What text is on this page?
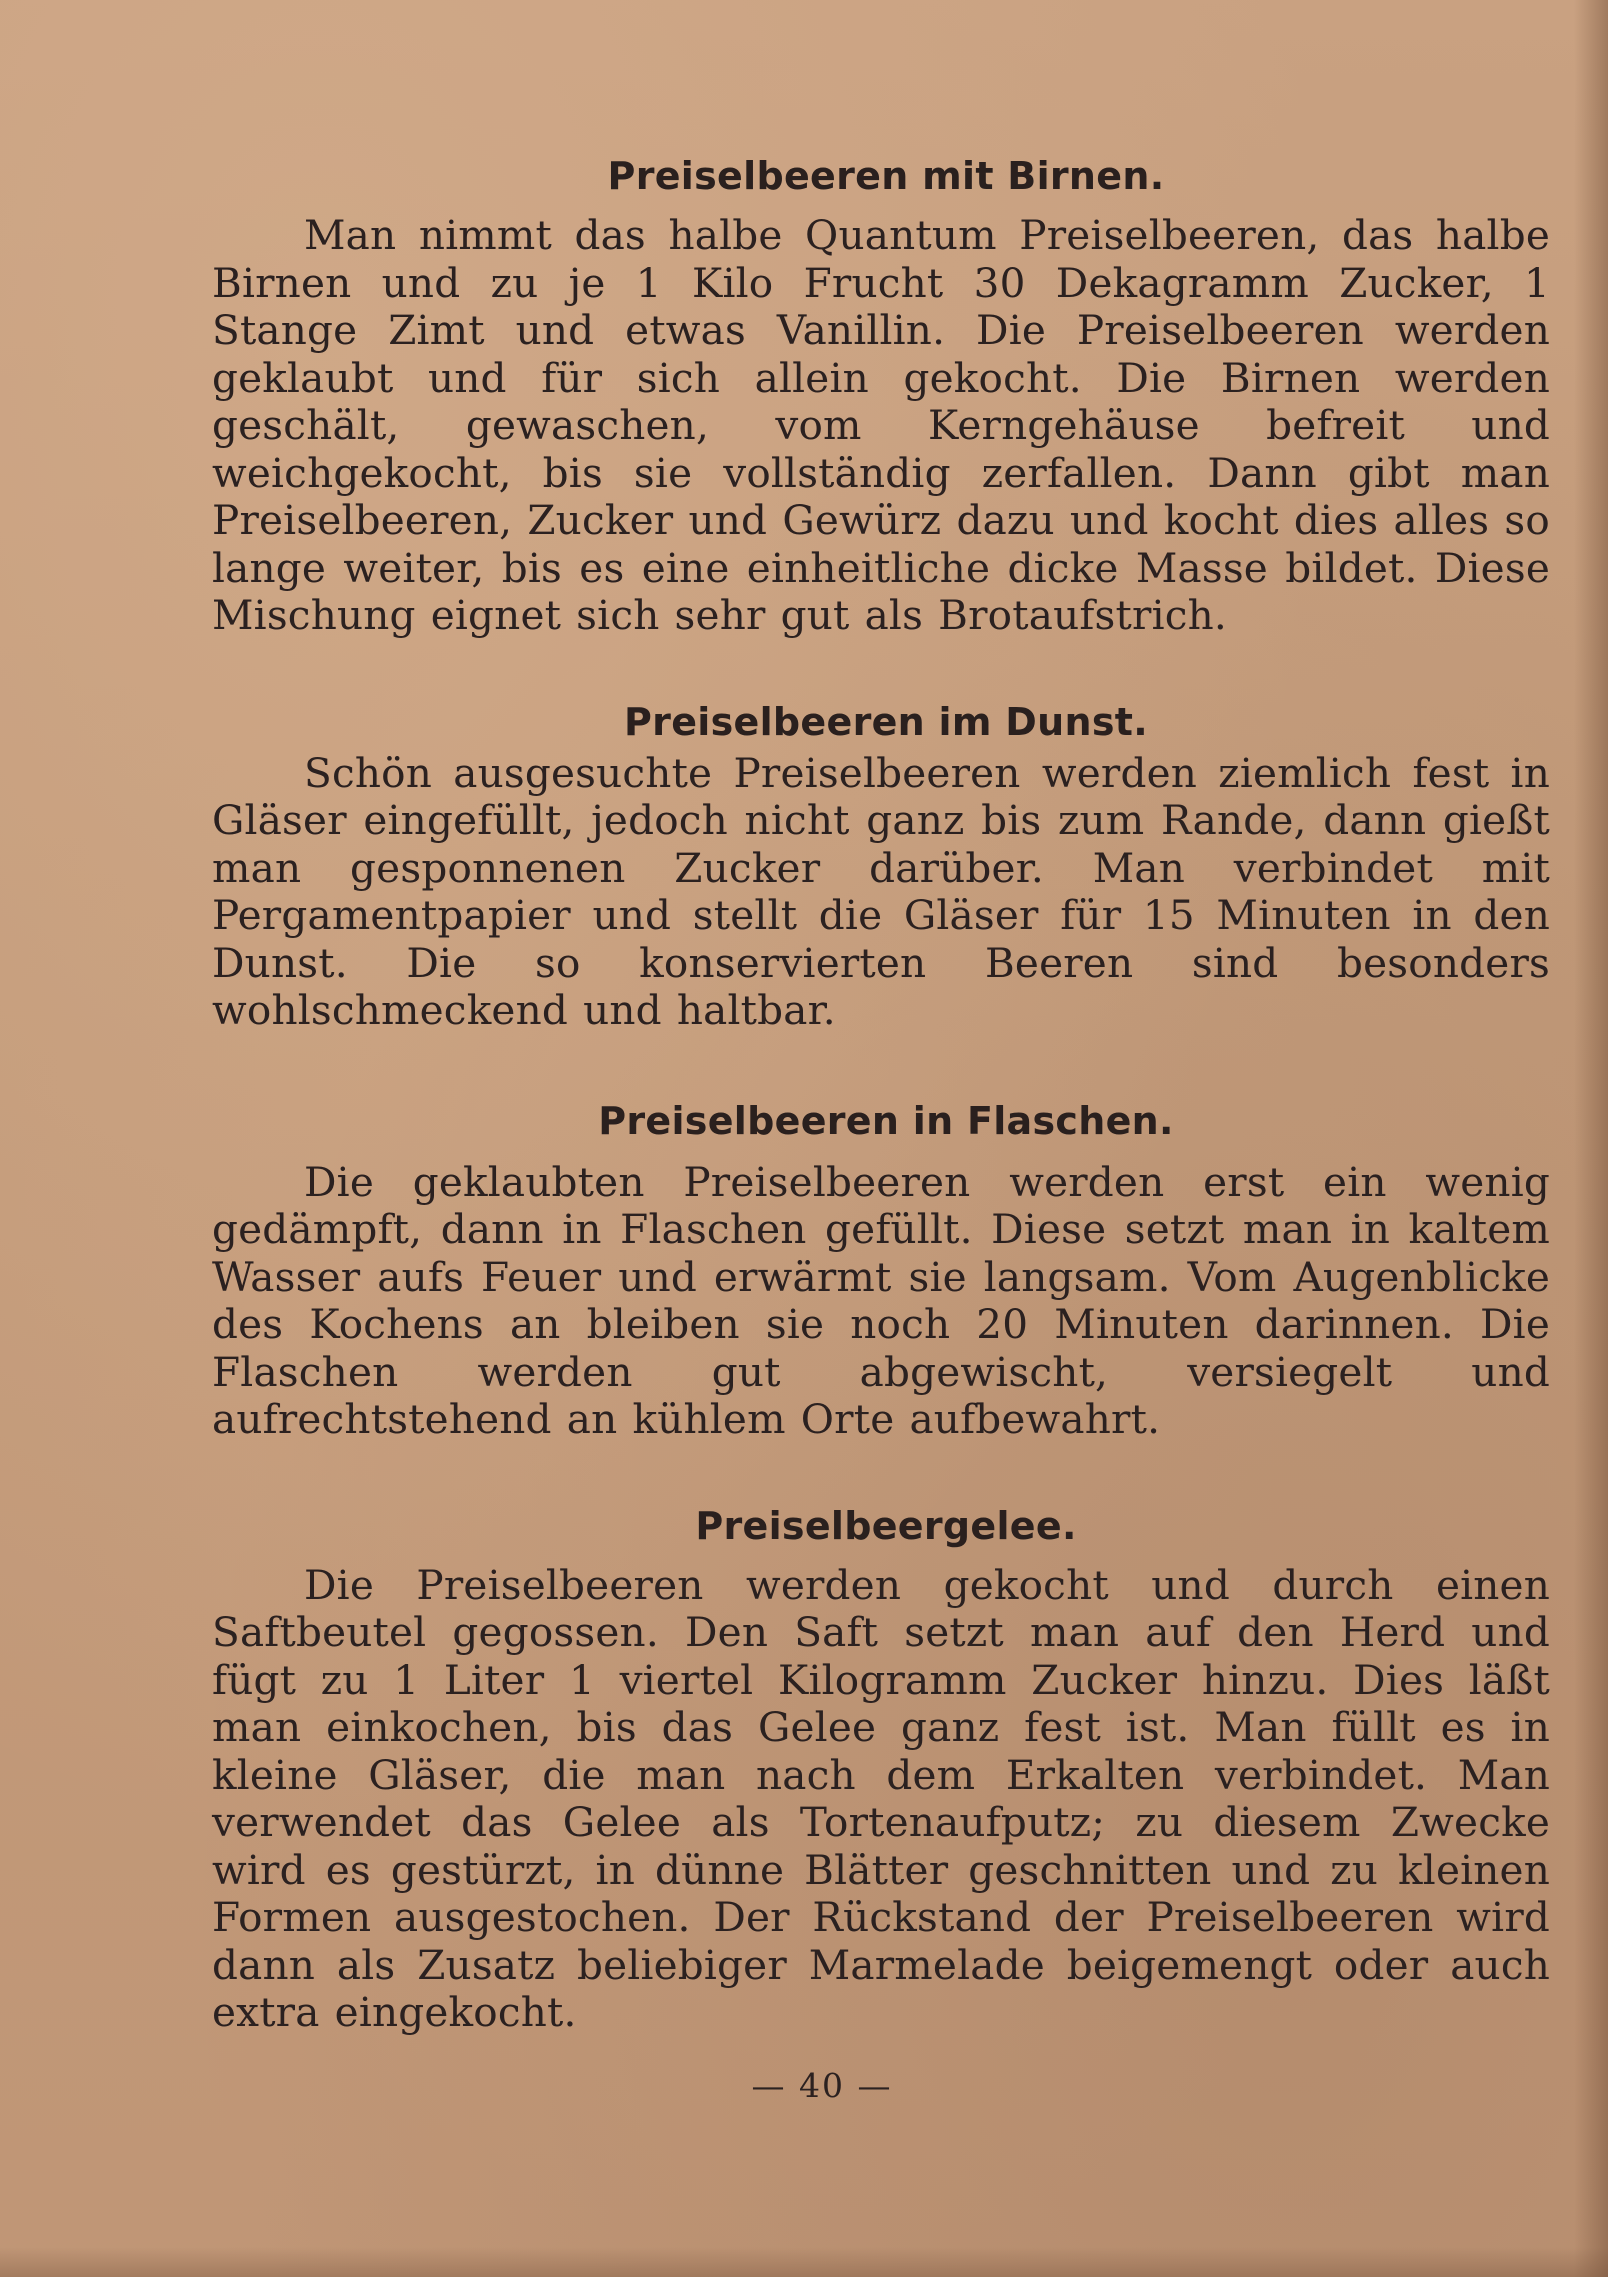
Preiselbeeren mit Birnen.

Man nimmt das halbe Quantum Preiselbeeren, das halbe Birnen und zu je 1 Kilo Frucht 30 Dekagramm Zucker, 1 Stange Zimt und etwas Vanillin. Die Preiselbeeren werden geklaubt und für sich allein gekocht. Die Birnen werden geschält, gewaschen, vom Kerngehäuse befreit und weichgekocht, bis sie vollständig zerfallen. Dann gibt man Preiselbeeren, Zucker und Gewürz dazu und kocht dies alles so lange weiter, bis es eine einheitliche dicke Masse bildet. Diese Mischung eignet sich sehr gut als Brotaufstrich.

Preiselbeeren im Dunst.

Schön ausgesuchte Preiselbeeren werden ziemlich fest in Gläser eingefüllt, jedoch nicht ganz bis zum Rande, dann gießt man gesponnenen Zucker darüber. Man verbindet mit Pergamentpapier und stellt die Gläser für 15 Minuten in den Dunst. Die so konservierten Beeren sind besonders wohlschmeckend und haltbar.

Preiselbeeren in Flaschen.

Die geklaubten Preiselbeeren werden erst ein wenig gedämpft, dann in Flaschen gefüllt. Diese setzt man in kaltem Wasser aufs Feuer und erwärmt sie langsam. Vom Augenblicke des Kochens an bleiben sie noch 20 Minuten darinnen. Die Flaschen werden gut abgewischt, versiegelt und aufrechtstehend an kühlem Orte aufbewahrt.

Preiselbeergelee.

Die Preiselbeeren werden gekocht und durch einen Saftbeutel gegossen. Den Saft setzt man auf den Herd und fügt zu 1 Liter 1 viertel Kilogramm Zucker hinzu. Dies läßt man einkochen, bis das Gelee ganz fest ist. Man füllt es in kleine Gläser, die man nach dem Erkalten verbindet. Man verwendet das Gelee als Tortenaufputz; zu diesem Zwecke wird es gestürzt, in dünne Blätter geschnitten und zu kleinen Formen ausgestochen. Der Rückstand der Preiselbeeren wird dann als Zusatz beliebiger Marmelade beigemengt oder auch extra eingekocht.

— 40 —
